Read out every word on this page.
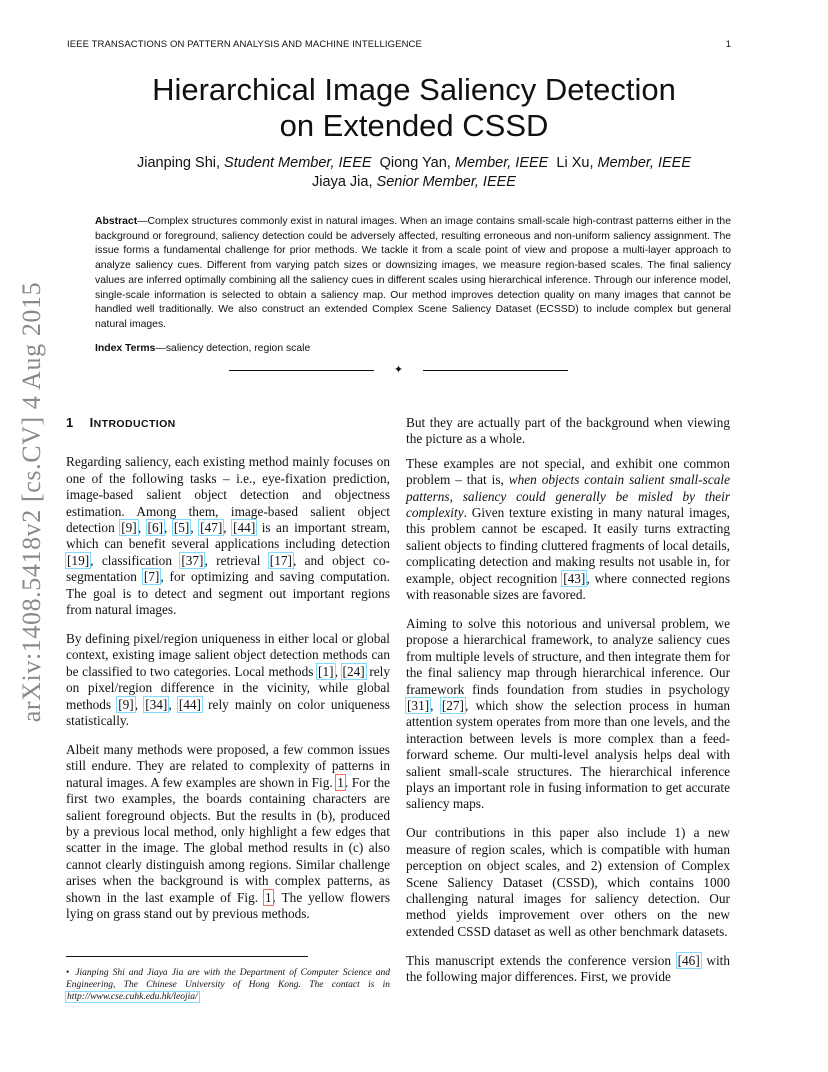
IEEE TRANSACTIONS ON PATTERN ANALYSIS AND MACHINE INTELLIGENCE	1
arXiv:1408.5418v2 [cs.CV] 4 Aug 2015
Hierarchical Image Saliency Detection
on Extended CSSD
Jianping Shi, Student Member, IEEE Qiong Yan, Member, IEEE Li Xu, Member, IEEE
Jiaya Jia, Senior Member, IEEE
Abstract—Complex structures commonly exist in natural images. When an image contains small-scale high-contrast patterns either in the background or foreground, saliency detection could be adversely affected, resulting erroneous and non-uniform saliency assignment. The issue forms a fundamental challenge for prior methods. We tackle it from a scale point of view and propose a multi-layer approach to analyze saliency cues. Different from varying patch sizes or downsizing images, we measure region-based scales. The final saliency values are inferred optimally combining all the saliency cues in different scales using hierarchical inference. Through our inference model, single-scale information is selected to obtain a saliency map. Our method improves detection quality on many images that cannot be handled well traditionally. We also construct an extended Complex Scene Saliency Dataset (ECSSD) to include complex but general natural images.
Index Terms—saliency detection, region scale
✦
1 INTRODUCTION

Regarding saliency, each existing method mainly focuses on one of the following tasks – i.e., eye-fixation prediction, image-based salient object detection and objectness estimation. Among them, image-based salient object detection [9], [6], [5], [47], [44] is an important stream, which can benefit several applications including detection [19], classification [37], retrieval [17], and object co-segmentation [7], for optimizing and saving computation. The goal is to detect and segment out important regions from natural images.

By defining pixel/region uniqueness in either local or global context, existing image salient object detection methods can be classified to two categories. Local methods [1], [24] rely on pixel/region difference in the vicinity, while global methods [9], [34], [44] rely mainly on color uniqueness statistically.

Albeit many methods were proposed, a few common issues still endure. They are related to complexity of patterns in natural images. A few examples are shown in Fig. 1. For the first two examples, the boards containing characters are salient foreground objects. But the results in (b), produced by a previous local method, only highlight a few edges that scatter in the image. The global method results in (c) also cannot clearly distinguish among regions. Similar challenge arises when the background is with complex patterns, as shown in the last example of Fig. 1. The yellow flowers lying on grass stand out by previous methods.

• Jianping Shi and Jiaya Jia are with the Department of Computer Science and Engineering, The Chinese University of Hong Kong. The contact is in http://www.cse.cuhk.edu.hk/leojia/

But they are actually part of the background when viewing the picture as a whole.

These examples are not special, and exhibit one common problem – that is, when objects contain salient small-scale patterns, saliency could generally be misled by their complexity. Given texture existing in many natural images, this problem cannot be escaped. It easily turns extracting salient objects to finding cluttered fragments of local details, complicating detection and making results not usable in, for example, object recognition [43], where connected regions with reasonable sizes are favored.

Aiming to solve this notorious and universal problem, we propose a hierarchical framework, to analyze saliency cues from multiple levels of structure, and then integrate them for the final saliency map through hierarchical inference. Our framework finds foundation from studies in psychology [31], [27], which show the selection process in human attention system operates from more than one levels, and the interaction between levels is more complex than a feed-forward scheme. Our multi-level analysis helps deal with salient small-scale structures. The hierarchical inference plays an important role in fusing information to get accurate saliency maps.

Our contributions in this paper also include 1) a new measure of region scales, which is compatible with human perception on object scales, and 2) extension of Complex Scene Saliency Dataset (CSSD), which contains 1000 challenging natural images for saliency detection. Our method yields improvement over others on the new extended CSSD dataset as well as other benchmark datasets.

This manuscript extends the conference version [46] with the following major differences. First, we provide
